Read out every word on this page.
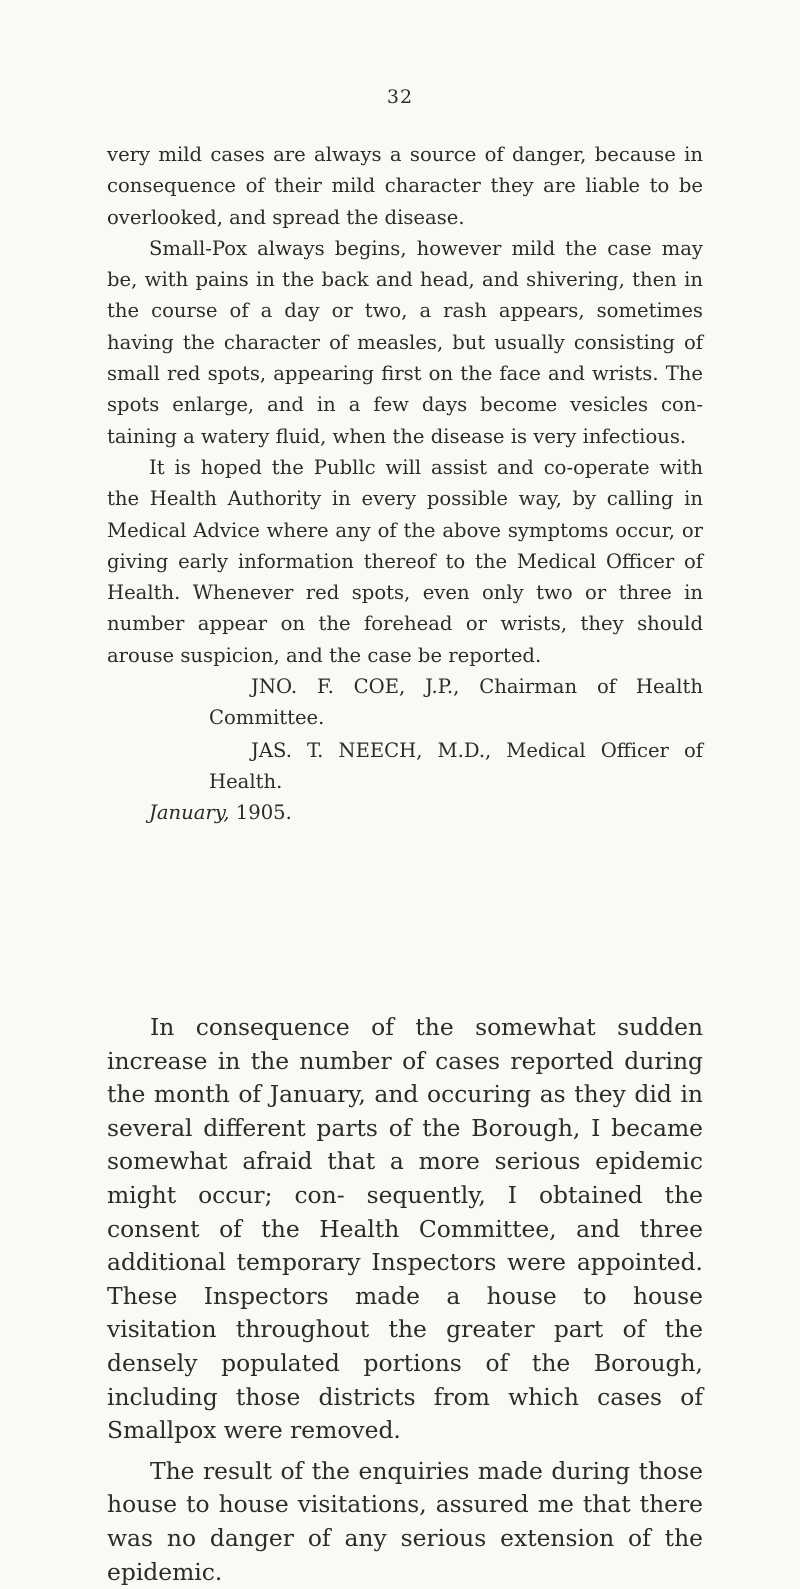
32

very mild cases are always a source of danger, because in consequence of their mild character they are liable to be overlooked, and spread the disease.

Small-Pox always begins, however mild the case may be, with pains in the back and head, and shivering, then in the course of a day or two, a rash appears, sometimes having the character of measles, but usually consisting of small red spots, appearing first on the face and wrists. The spots enlarge, and in a few days become vesicles con- taining a watery fluid, when the disease is very infectious.

It is hoped the Publlc will assist and co-operate with the Health Authority in every possible way, by calling in Medical Advice where any of the above symptoms occur, or giving early information thereof to the Medical Officer of Health. Whenever red spots, even only two or three in number appear on the forehead or wrists, they should arouse suspicion, and the case be reported.

JNO. F. COE, J.P., Chairman of Health Committee.

JAS. T. NEECH, M.D., Medical Officer of Health.

January, 1905.

In consequence of the somewhat sudden increase in the number of cases reported during the month of January, and occuring as they did in several different parts of the Borough, I became somewhat afraid that a more serious epidemic might occur; con- sequently, I obtained the consent of the Health Committee, and three additional temporary Inspectors were appointed. These Inspectors made a house to house visitation throughout the greater part of the densely populated portions of the Borough, including those districts from which cases of Smallpox were removed.

The result of the enquiries made during those house to house visitations, assured me that there was no danger of any serious extension of the epidemic.
